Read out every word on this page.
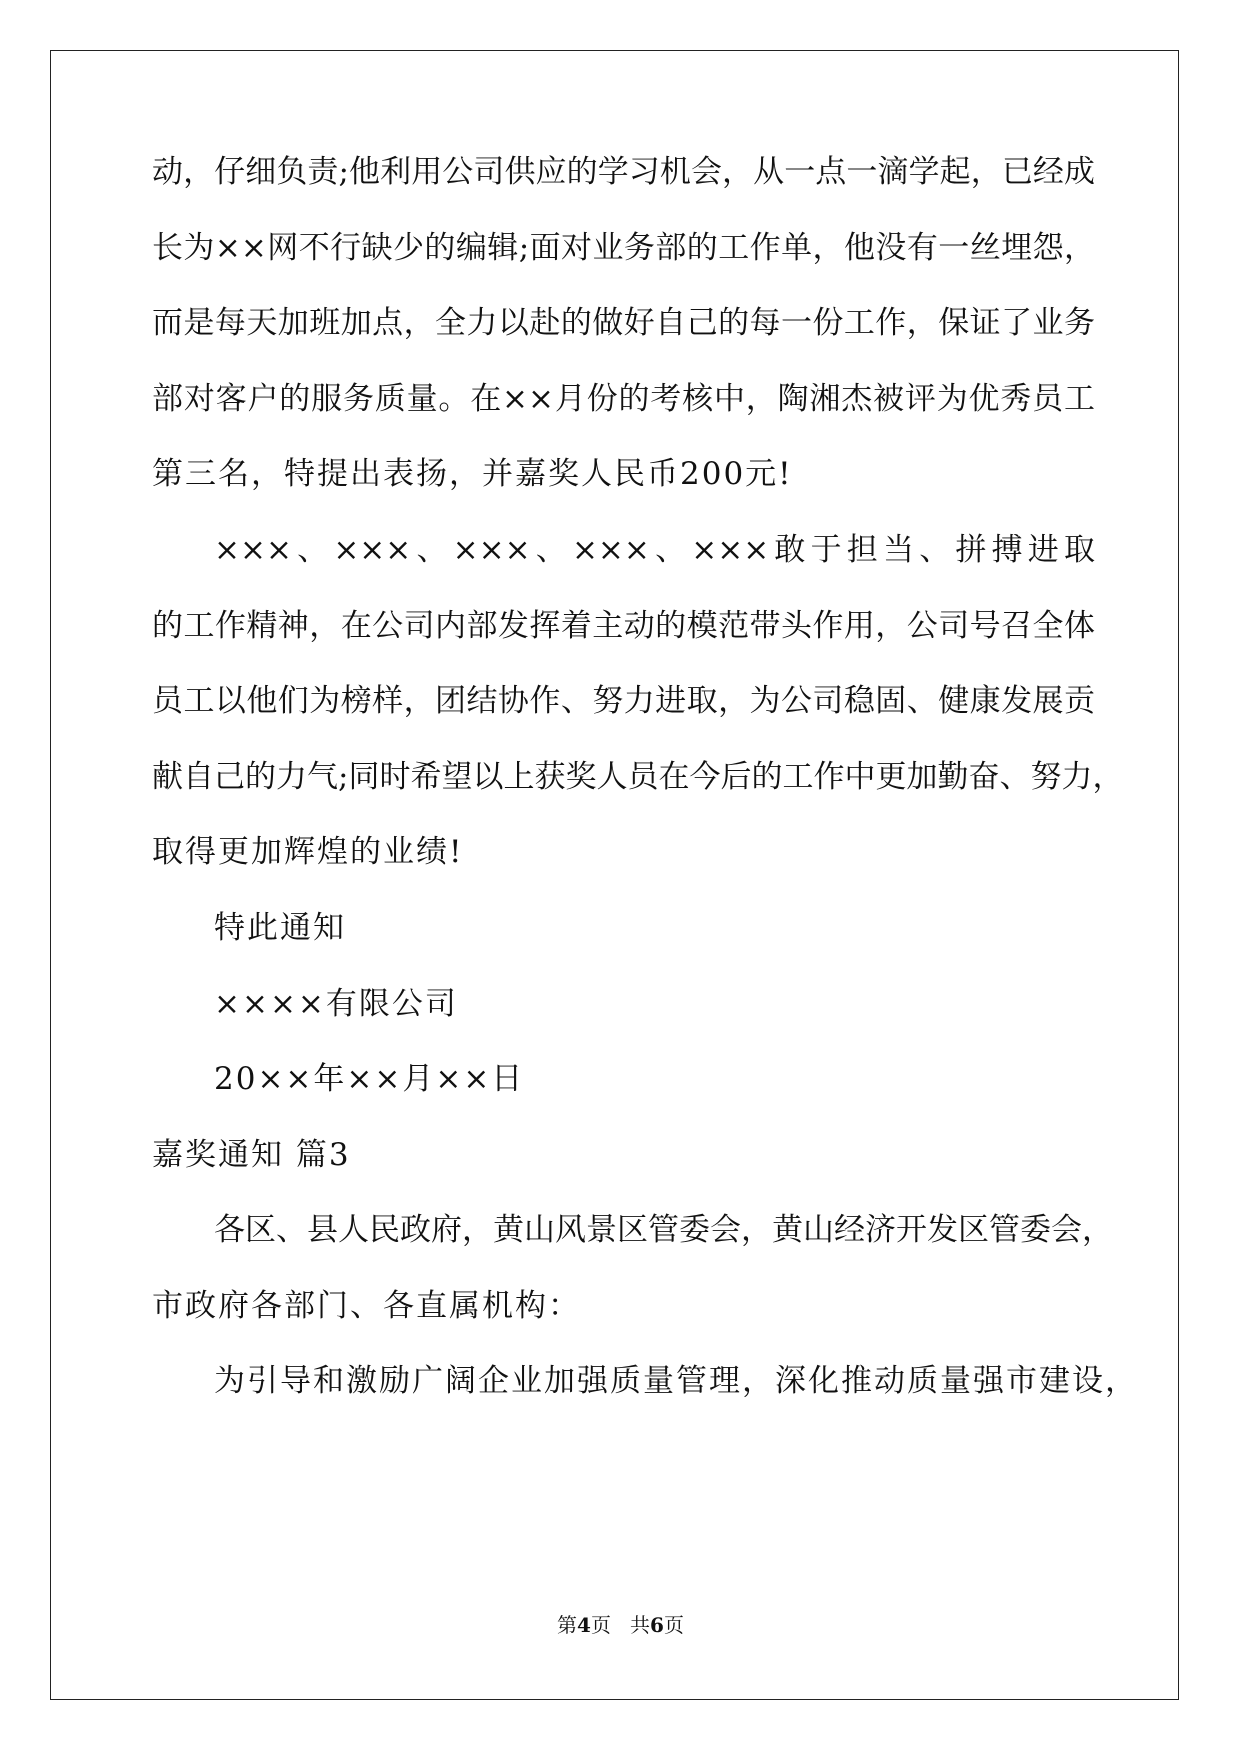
动，仔细负责;他利用公司供应的学习机会，从一点一滴学起，已经成
长为××网不行缺少的编辑;面对业务部的工作单，他没有一丝埋怨，
而是每天加班加点，全力以赴的做好自己的每一份工作，保证了业务
部对客户的服务质量。在××月份的考核中，陶湘杰被评为优秀员工
第三名，特提出表扬，并嘉奖人民币200元!
×××、×××、×××、×××、×××敢于担当、拼搏进取
的工作精神，在公司内部发挥着主动的模范带头作用，公司号召全体
员工以他们为榜样，团结协作、努力进取，为公司稳固、健康发展贡
献自己的力气;同时希望以上获奖人员在今后的工作中更加勤奋、努力，
取得更加辉煌的业绩!
特此通知
××××有限公司
20××年××月××日
嘉奖通知 篇3
各区、县人民政府，黄山风景区管委会，黄山经济开发区管委会，
市政府各部门、各直属机构：
为引导和激励广阔企业加强质量管理，深化推动质量强市建设，
第4页 共6页
